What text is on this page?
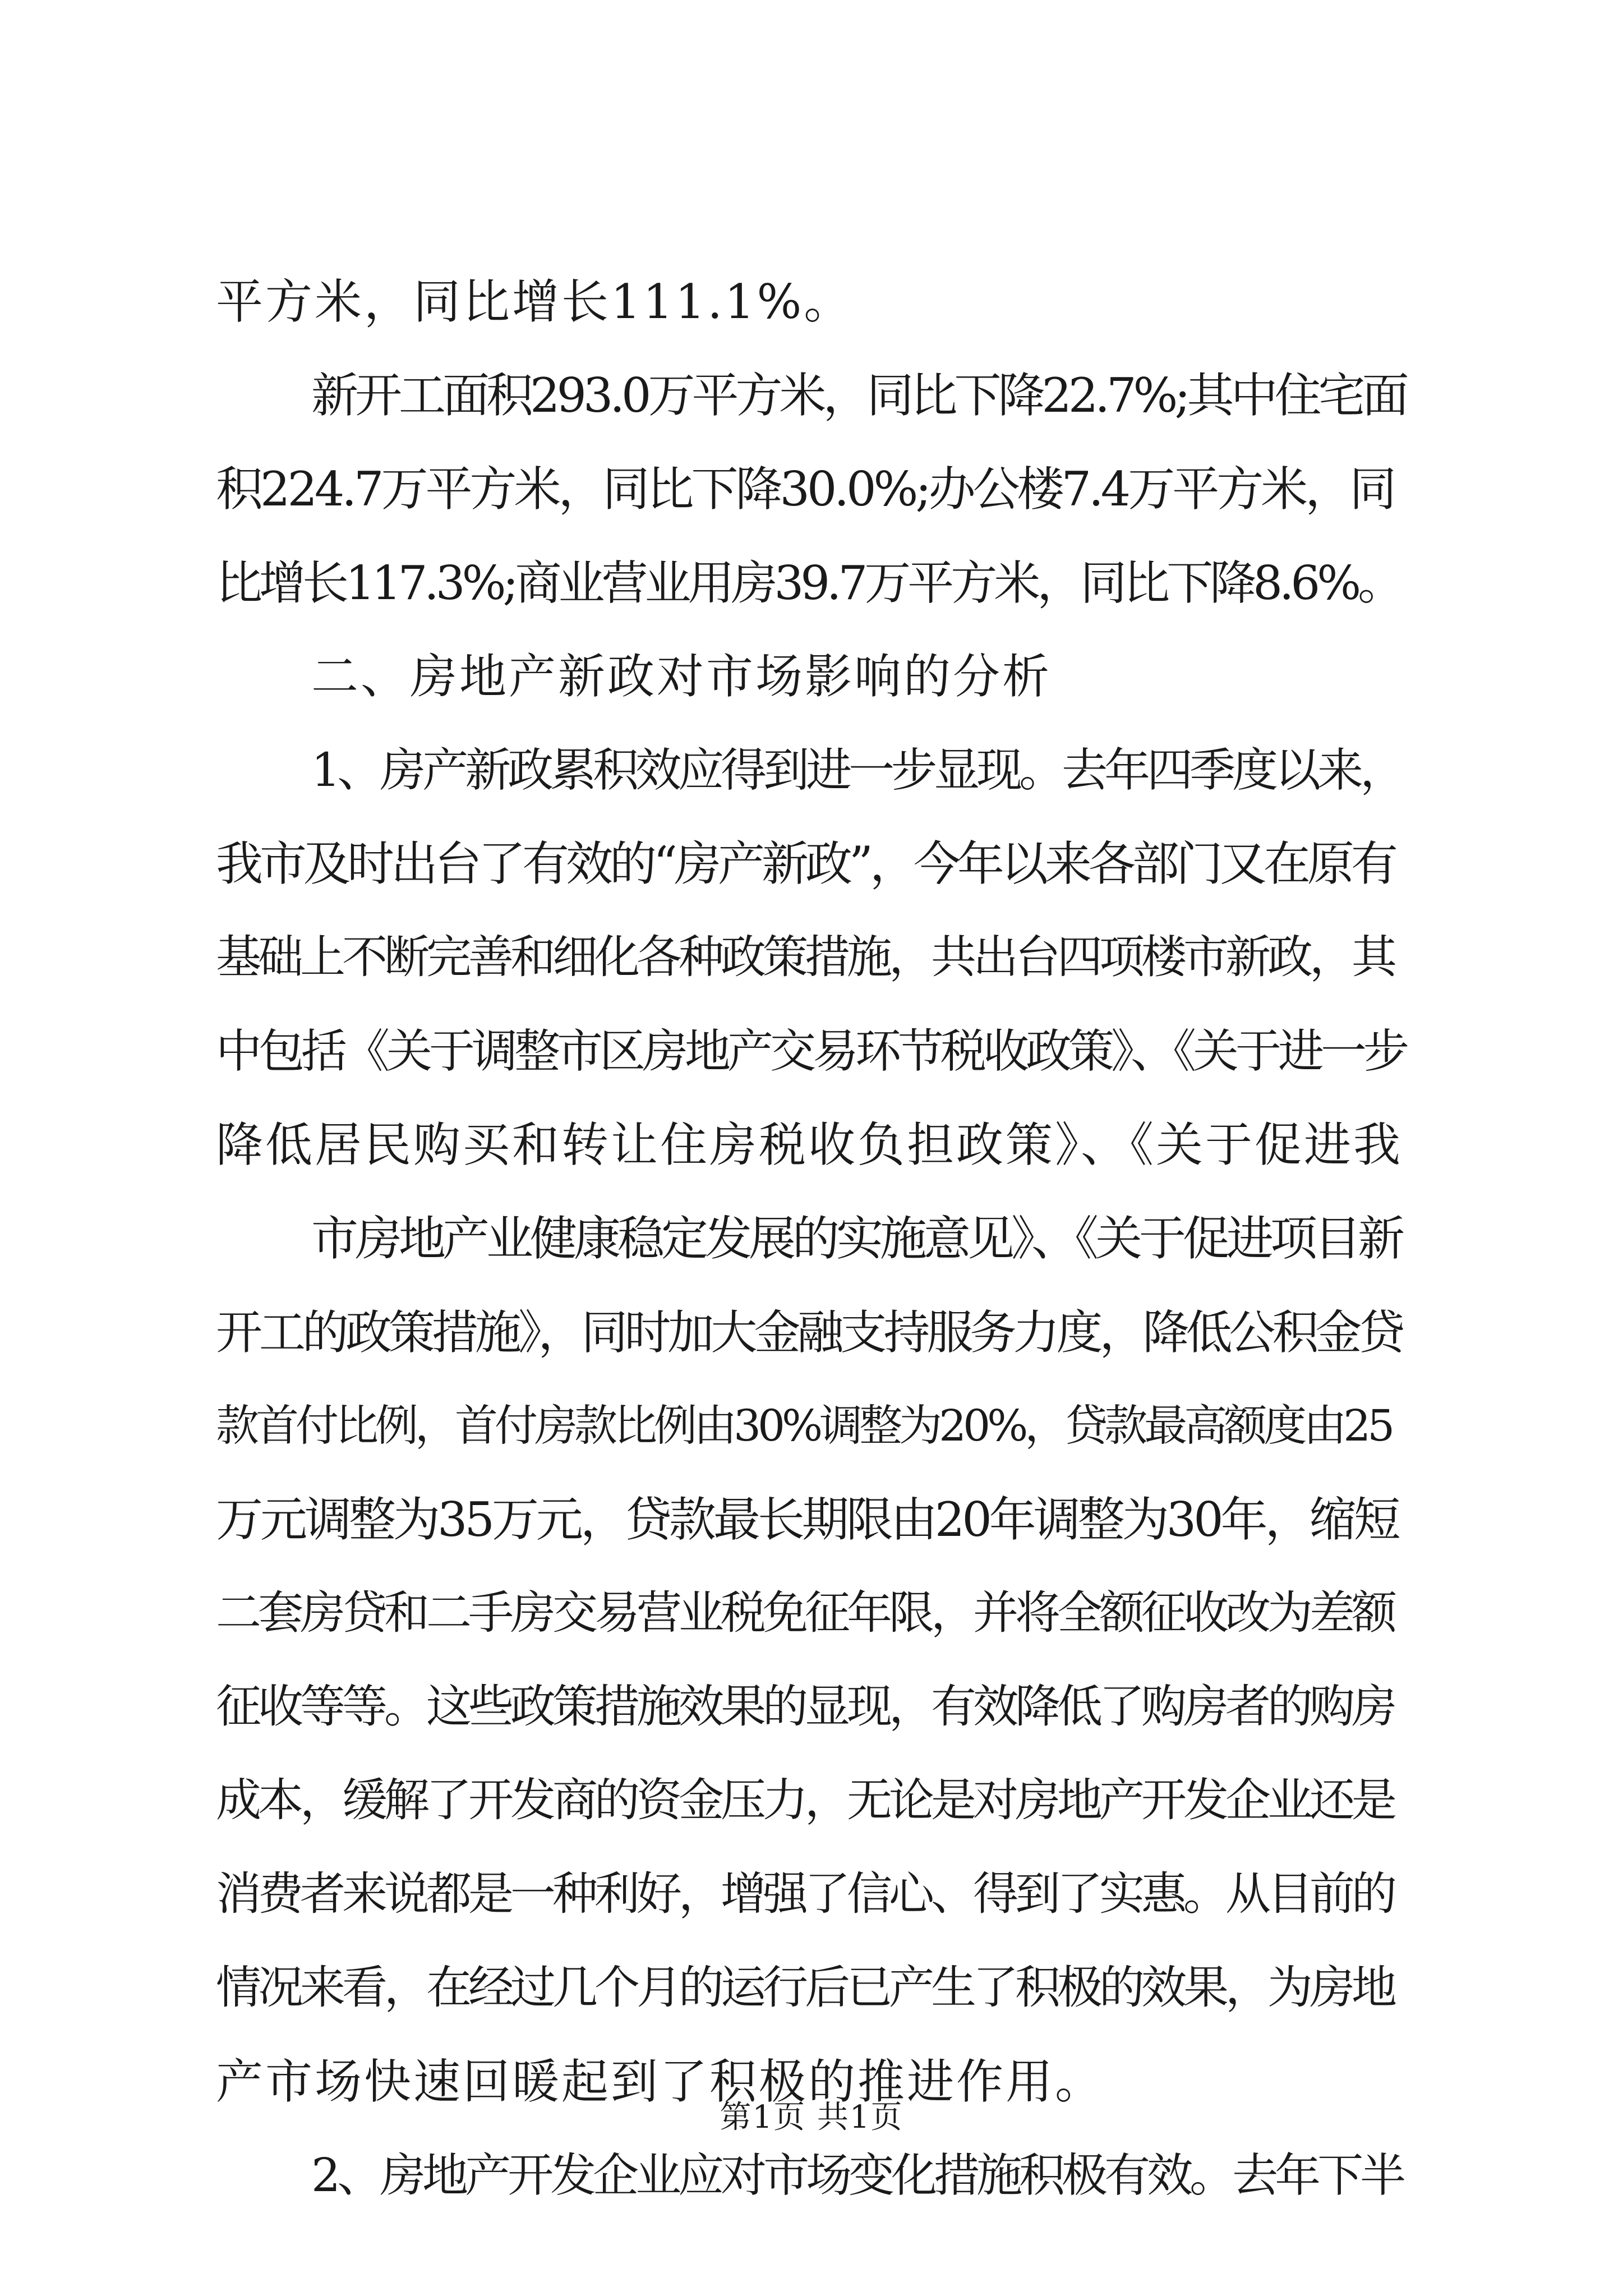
平方米，同比增长111.1%。
新开工面积293.0万平方米，同比下降22.7%;其中住宅面
积224.7万平方米，同比下降30.0%;办公楼7.4万平方米，同
比增长117.3%;商业营业用房39.7万平方米，同比下降8.6%。
二、房地产新政对市场影响的分析
1、房产新政累积效应得到进一步显现。去年四季度以来，
我市及时出台了有效的“房产新政”，今年以来各部门又在原有
基础上不断完善和细化各种政策措施，共出台四项楼市新政，其
中包括《关于调整市区房地产交易环节税收政策》、《关于进一步
降低居民购买和转让住房税收负担政策》、《关于促进我
市房地产业健康稳定发展的实施意见》、《关于促进项目新
开工的政策措施》，同时加大金融支持服务力度，降低公积金贷
款首付比例，首付房款比例由30%调整为20%，贷款最高额度由25
万元调整为35万元，贷款最长期限由20年调整为30年，缩短
二套房贷和二手房交易营业税免征年限，并将全额征收改为差额
征收等等。这些政策措施效果的显现，有效降低了购房者的购房
成本，缓解了开发商的资金压力，无论是对房地产开发企业还是
消费者来说都是一种利好，增强了信心、得到了实惠。从目前的
情况来看，在经过几个月的运行后已产生了积极的效果，为房地
产市场快速回暖起到了积极的推进作用。
2、房地产开发企业应对市场变化措施积极有效。去年下半
第1页 共1页
